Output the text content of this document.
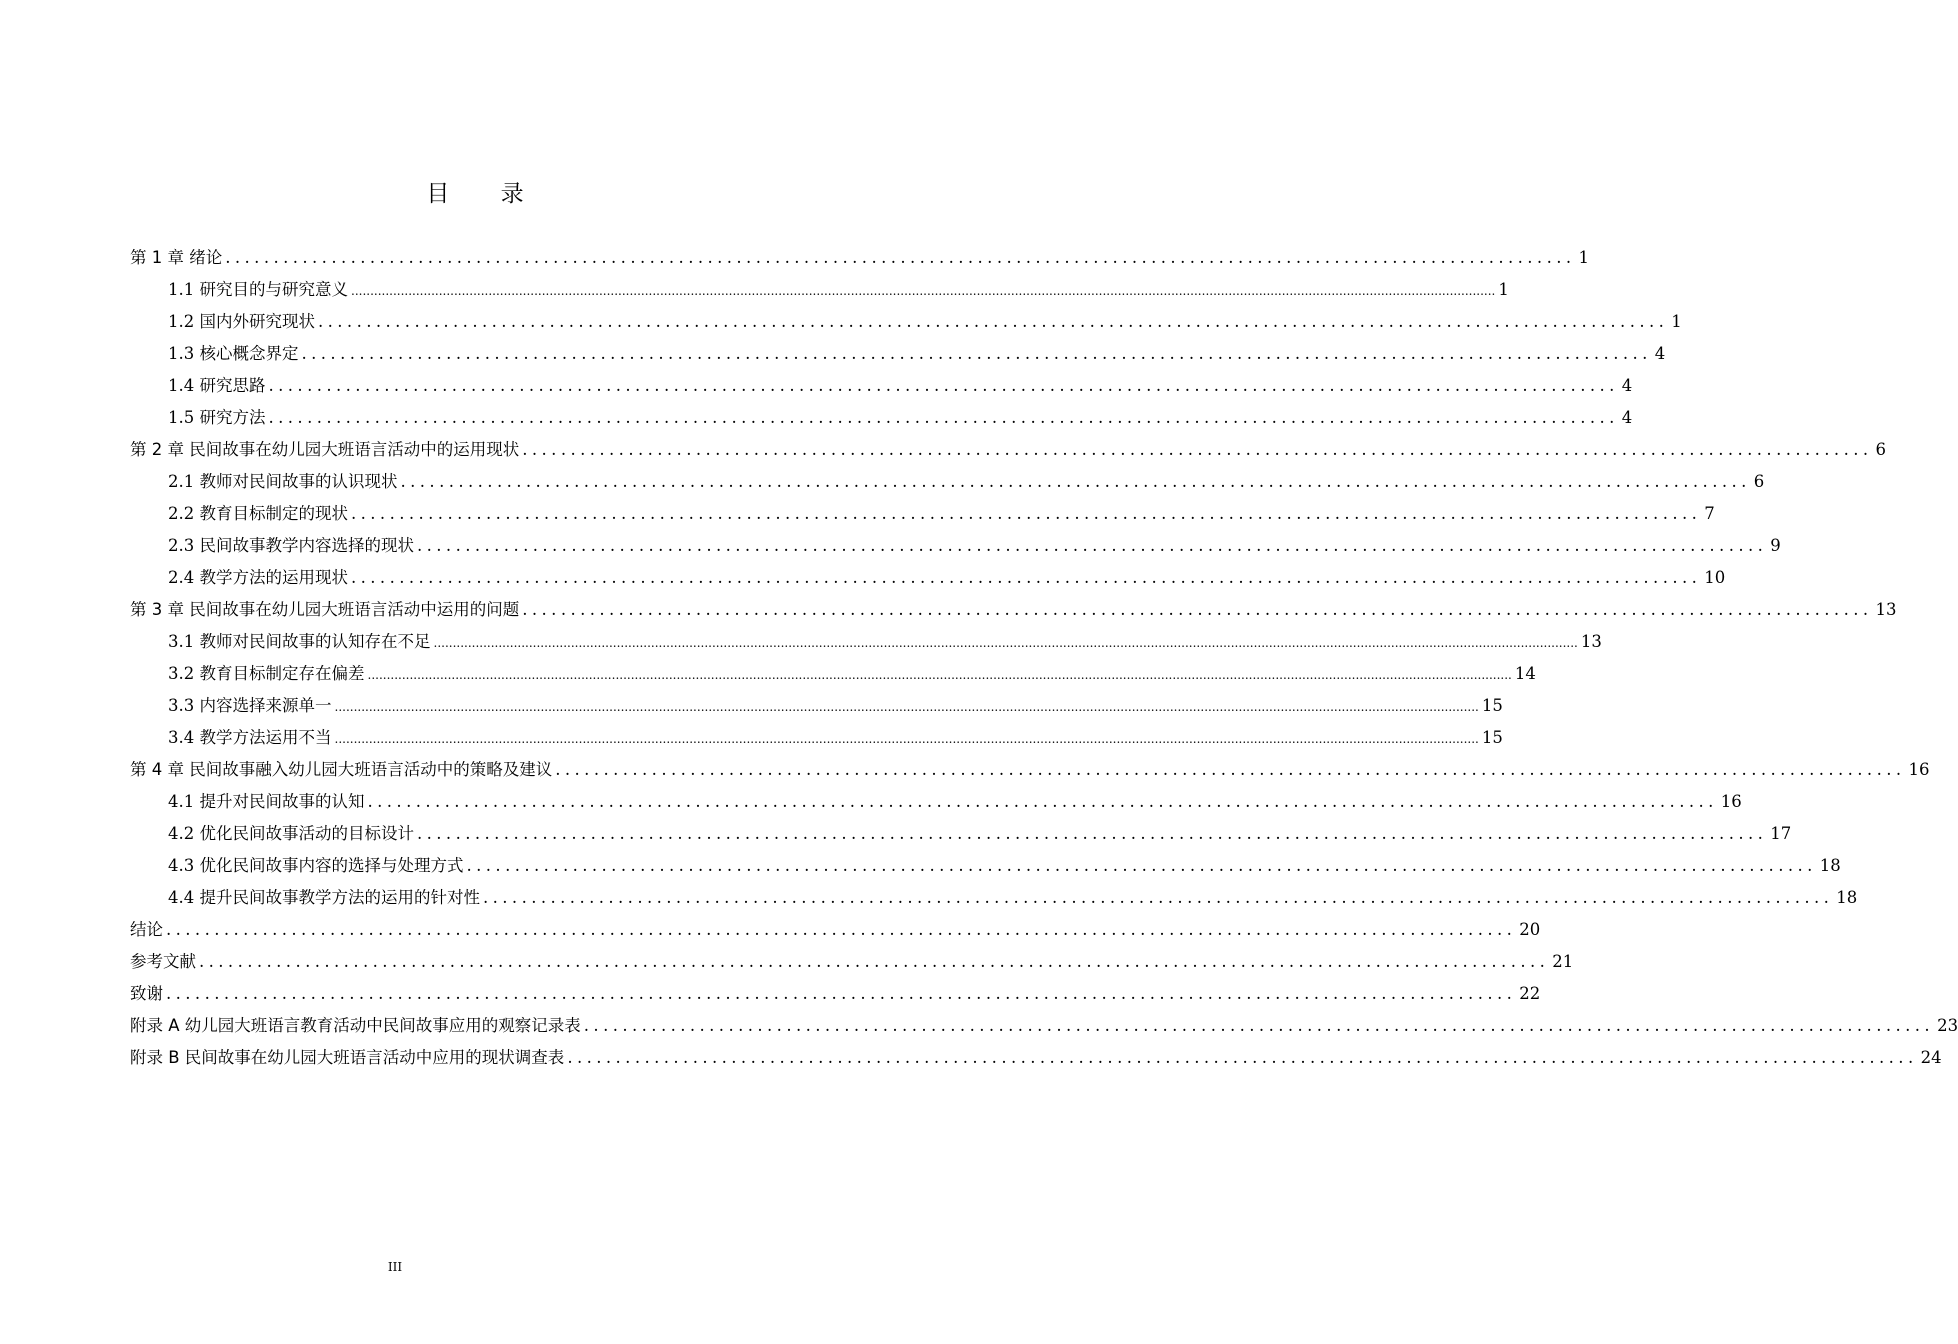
目 录
第 1 章 绪论 ............................................................................................................................................ 1
1.1 研究目的与研究意义 ............................................................................................................................................................................................................................................................................................................ 1
1.2 国内外研究现状 ............................................................................................................................................ 1
1.3 核心概念界定 ............................................................................................................................................ 4
1.4 研究思路 ............................................................................................................................................ 4
1.5 研究方法 ............................................................................................................................................ 4
第 2 章 民间故事在幼儿园大班语言活动中的运用现状 ............................................................................................................................................ 6
2.1 教师对民间故事的认识现状 ............................................................................................................................................ 6
2.2 教育目标制定的现状 ............................................................................................................................................ 7
2.3 民间故事教学内容选择的现状 ............................................................................................................................................ 9
2.4 教学方法的运用现状 ............................................................................................................................................ 10
第 3 章 民间故事在幼儿园大班语言活动中运用的问题 ............................................................................................................................................ 13
3.1 教师对民间故事的认知存在不足 ............................................................................................................................................................................................................................................................................................................ 13
3.2 教育目标制定存在偏差 ............................................................................................................................................................................................................................................................................................................ 14
3.3 内容选择来源单一 ............................................................................................................................................................................................................................................................................................................ 15
3.4 教学方法运用不当 ............................................................................................................................................................................................................................................................................................................ 15
第 4 章 民间故事融入幼儿园大班语言活动中的策略及建议 ............................................................................................................................................ 16
4.1 提升对民间故事的认知 ............................................................................................................................................ 16
4.2 优化民间故事活动的目标设计 ............................................................................................................................................ 17
4.3 优化民间故事内容的选择与处理方式 ............................................................................................................................................ 18
4.4 提升民间故事教学方法的运用的针对性 ............................................................................................................................................ 18
结论 ............................................................................................................................................ 20
参考文献 ............................................................................................................................................ 21
致谢 ............................................................................................................................................ 22
附录 A 幼儿园大班语言教育活动中民间故事应用的观察记录表 ............................................................................................................................................ 23
附录 B 民间故事在幼儿园大班语言活动中应用的现状调查表 ............................................................................................................................................ 24
III
